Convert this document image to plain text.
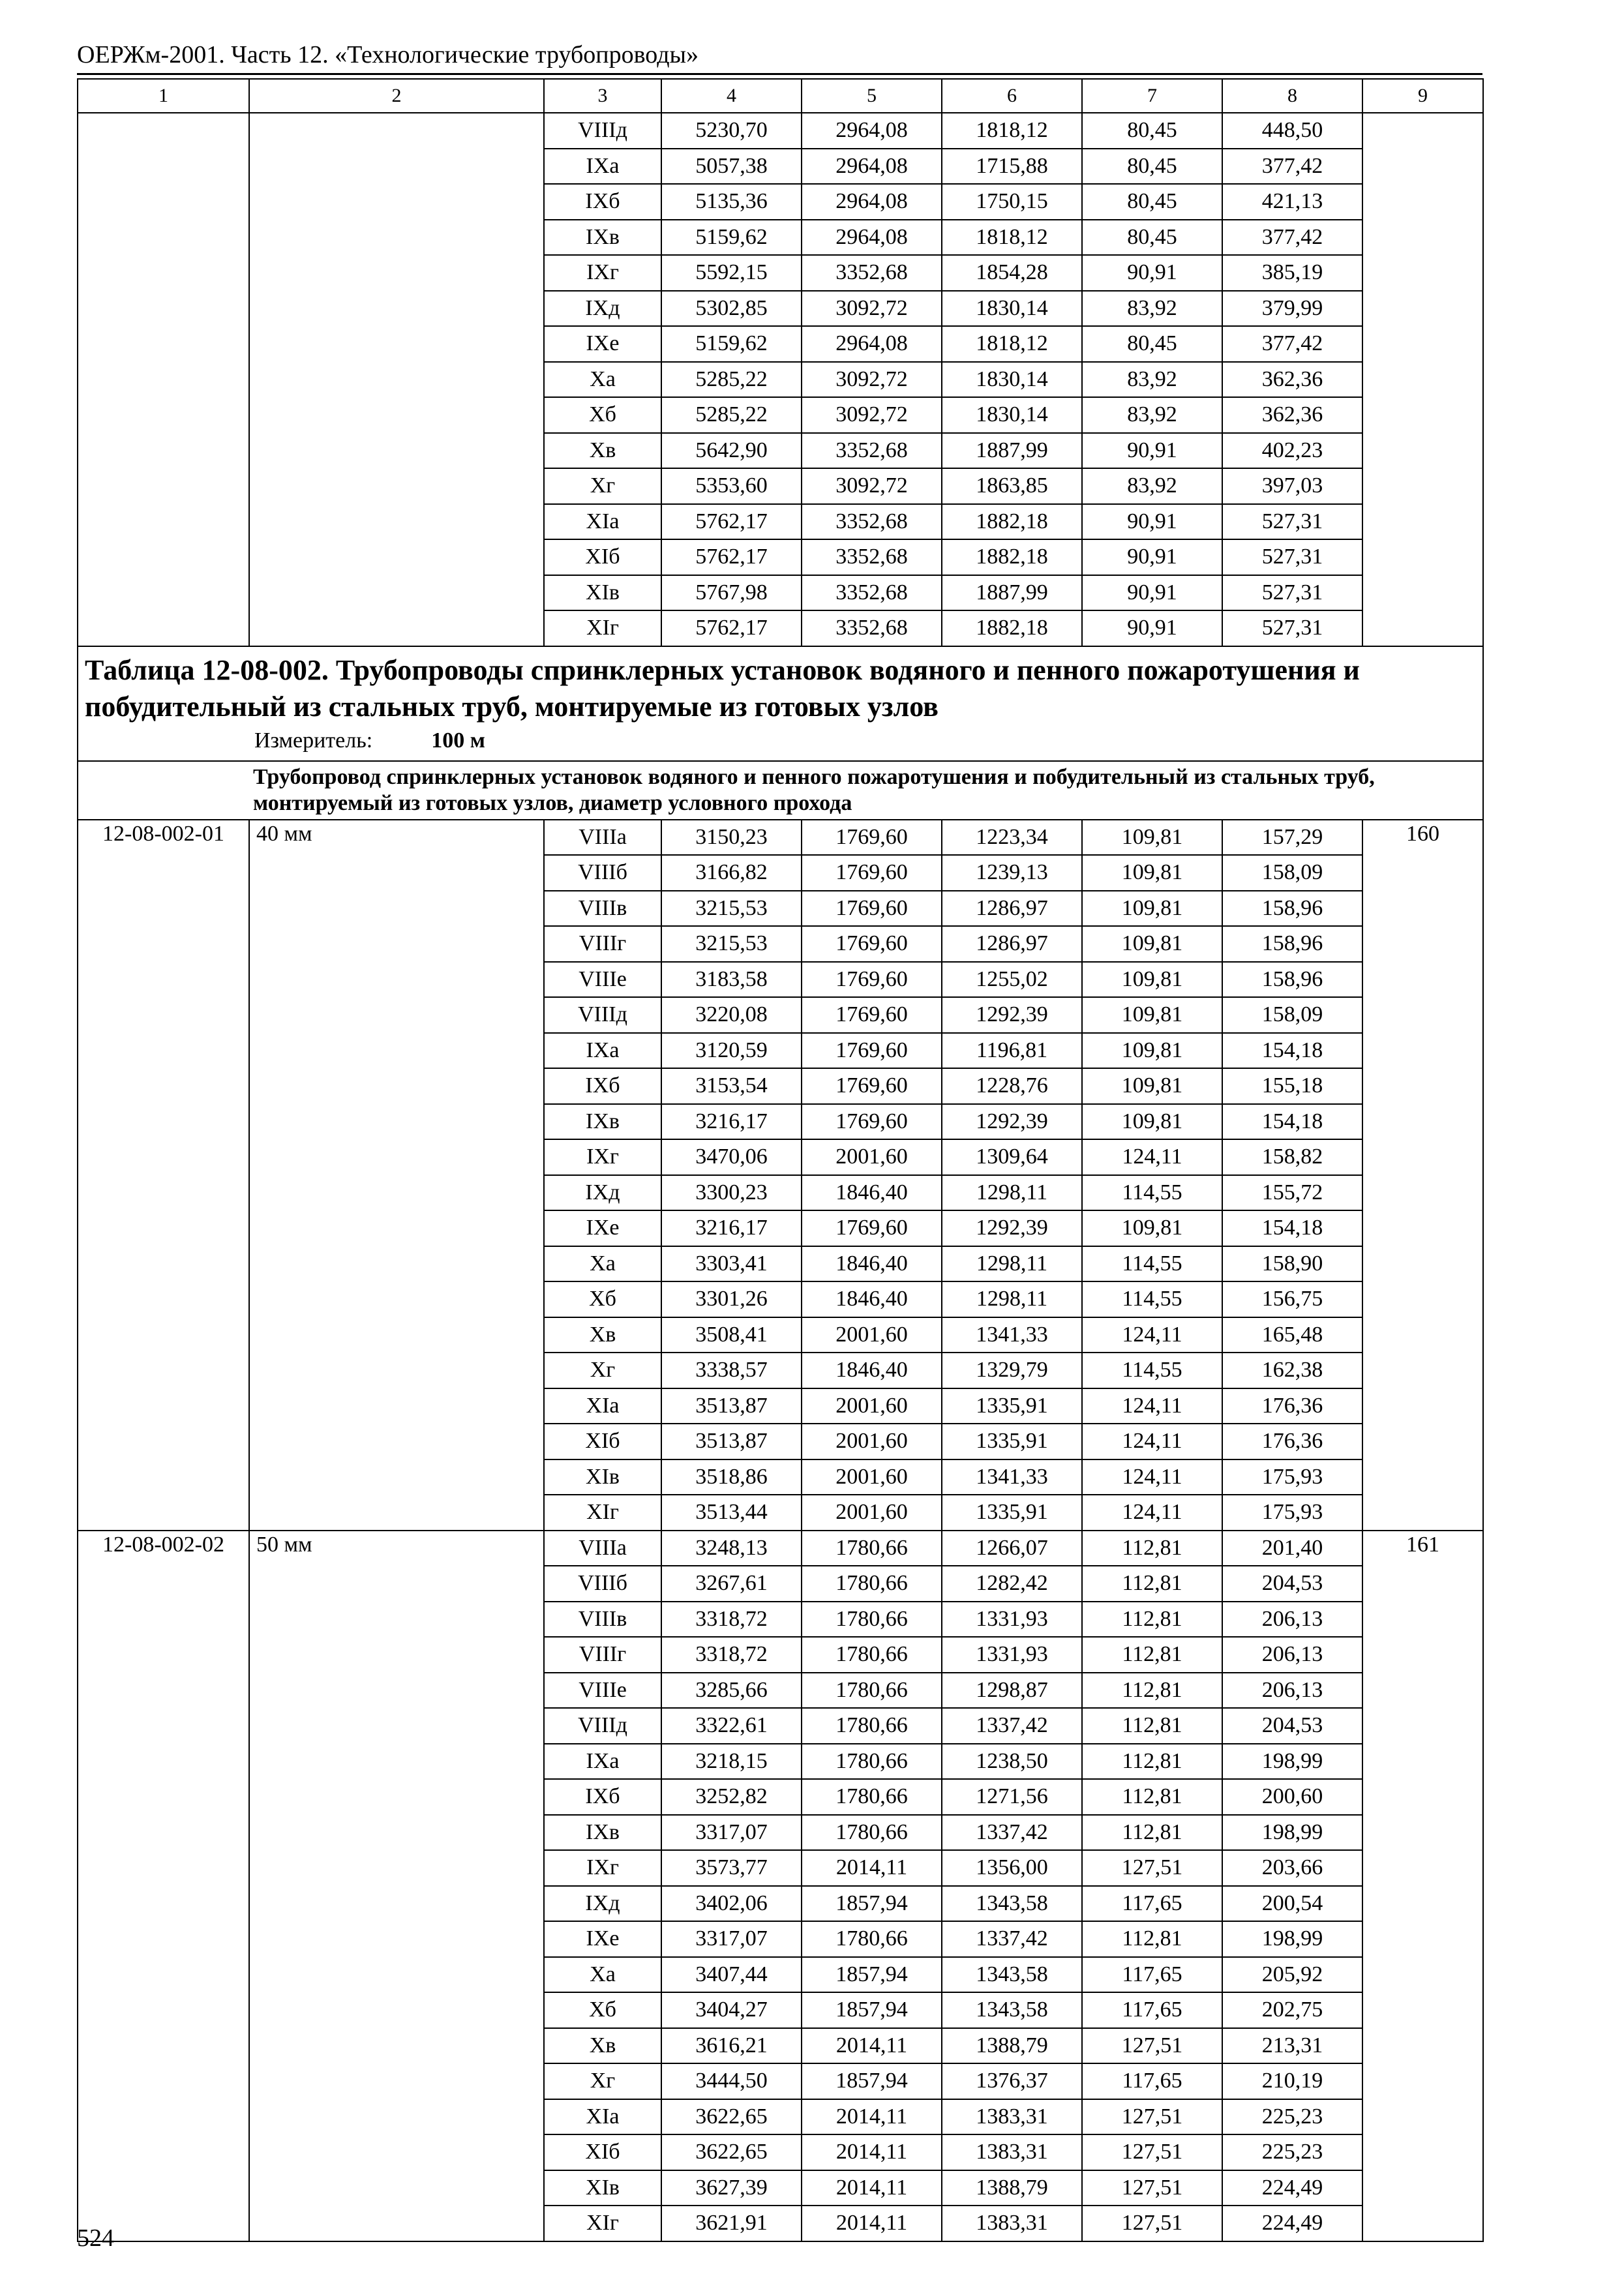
ОЕРЖм-2001. Часть 12. «Технологические трубопроводы»
1	2	3	4	5	6	7	8	9
		VIIIд	5230,70	2964,08	1818,12	80,45	448,50	
		IXа	5057,38	2964,08	1715,88	80,45	377,42	
		IXб	5135,36	2964,08	1750,15	80,45	421,13	
		IXв	5159,62	2964,08	1818,12	80,45	377,42	
		IXг	5592,15	3352,68	1854,28	90,91	385,19	
		IXд	5302,85	3092,72	1830,14	83,92	379,99	
		IXе	5159,62	2964,08	1818,12	80,45	377,42	
		Xа	5285,22	3092,72	1830,14	83,92	362,36	
		Xб	5285,22	3092,72	1830,14	83,92	362,36	
		Xв	5642,90	3352,68	1887,99	90,91	402,23	
		Xг	5353,60	3092,72	1863,85	83,92	397,03	
		XIа	5762,17	3352,68	1882,18	90,91	527,31	
		XIб	5762,17	3352,68	1882,18	90,91	527,31	
		XIв	5767,98	3352,68	1887,99	90,91	527,31	
		XIг	5762,17	3352,68	1882,18	90,91	527,31	

Таблица 12-08-002. Трубопроводы спринклерных установок водяного и пенного пожаротушения и побудительный из стальных труб, монтируемые из готовых узлов
Измеритель: 100 м								

Трубопровод спринклерных установок водяного и пенного пожаротушения и побудительный из стальных труб, монтируемый из готовых узлов, диаметр условного прохода								
12-08-002-01	40 мм	VIIIа	3150,23	1769,60	1223,34	109,81	157,29	160
		VIIIб	3166,82	1769,60	1239,13	109,81	158,09	
		VIIIв	3215,53	1769,60	1286,97	109,81	158,96	
		VIIIг	3215,53	1769,60	1286,97	109,81	158,96	
		VIIIе	3183,58	1769,60	1255,02	109,81	158,96	
		VIIIд	3220,08	1769,60	1292,39	109,81	158,09	
		IXа	3120,59	1769,60	1196,81	109,81	154,18	
		IXб	3153,54	1769,60	1228,76	109,81	155,18	
		IXв	3216,17	1769,60	1292,39	109,81	154,18	
		IXг	3470,06	2001,60	1309,64	124,11	158,82	
		IXд	3300,23	1846,40	1298,11	114,55	155,72	
		IXе	3216,17	1769,60	1292,39	109,81	154,18	
		Xа	3303,41	1846,40	1298,11	114,55	158,90	
		Xб	3301,26	1846,40	1298,11	114,55	156,75	
		Xв	3508,41	2001,60	1341,33	124,11	165,48	
		Xг	3338,57	1846,40	1329,79	114,55	162,38	
		XIа	3513,87	2001,60	1335,91	124,11	176,36	
		XIб	3513,87	2001,60	1335,91	124,11	176,36	
		XIв	3518,86	2001,60	1341,33	124,11	175,93	
		XIг	3513,44	2001,60	1335,91	124,11	175,93	
12-08-002-02	50 мм	VIIIа	3248,13	1780,66	1266,07	112,81	201,40	161
		VIIIб	3267,61	1780,66	1282,42	112,81	204,53	
		VIIIв	3318,72	1780,66	1331,93	112,81	206,13	
		VIIIг	3318,72	1780,66	1331,93	112,81	206,13	
		VIIIе	3285,66	1780,66	1298,87	112,81	206,13	
		VIIIд	3322,61	1780,66	1337,42	112,81	204,53	
		IXа	3218,15	1780,66	1238,50	112,81	198,99	
		IXб	3252,82	1780,66	1271,56	112,81	200,60	
		IXв	3317,07	1780,66	1337,42	112,81	198,99	
		IXг	3573,77	2014,11	1356,00	127,51	203,66	
		IXд	3402,06	1857,94	1343,58	117,65	200,54	
		IXе	3317,07	1780,66	1337,42	112,81	198,99	
		Xа	3407,44	1857,94	1343,58	117,65	205,92	
		Xб	3404,27	1857,94	1343,58	117,65	202,75	
		Xв	3616,21	2014,11	1388,79	127,51	213,31	
		Xг	3444,50	1857,94	1376,37	117,65	210,19	
		XIа	3622,65	2014,11	1383,31	127,51	225,23	
		XIб	3622,65	2014,11	1383,31	127,51	225,23	
		XIв	3627,39	2014,11	1388,79	127,51	224,49	
		XIг	3621,91	2014,11	1383,31	127,51	224,49	
524
